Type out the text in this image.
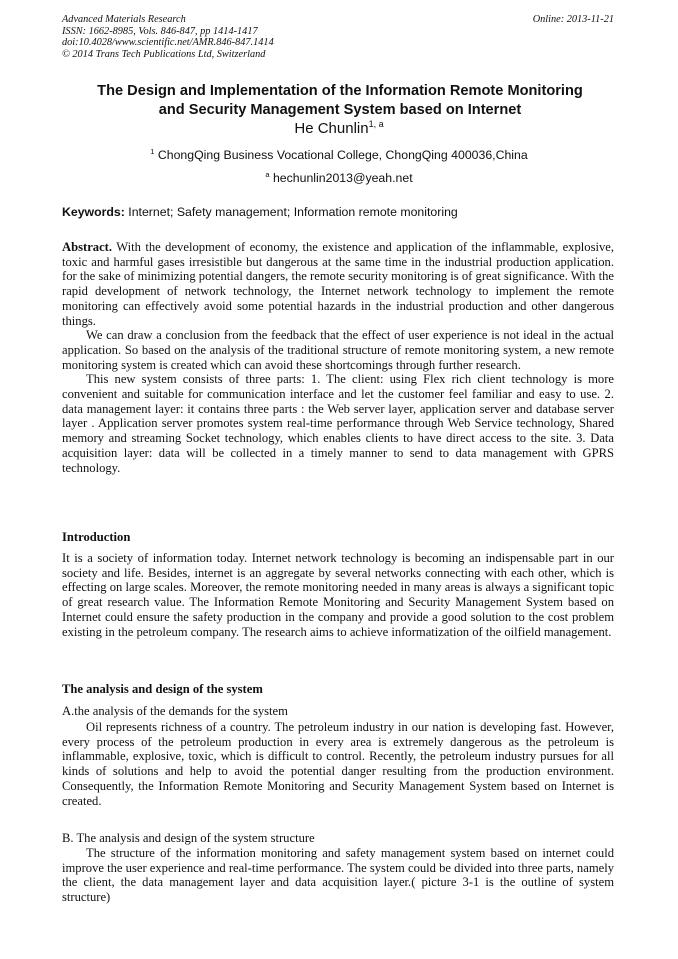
Advanced Materials Research
ISSN: 1662-8985, Vols. 846-847, pp 1414-1417
doi:10.4028/www.scientific.net/AMR.846-847.1414
© 2014 Trans Tech Publications Ltd, Switzerland
Online: 2013-11-21
The Design and Implementation of the Information Remote Monitoring
and Security Management System based on Internet
He Chunlin$^{1, a}$
$^1$ ChongQing Business Vocational College, ChongQing 400036,China
$^a$ hechunlin2013@yeah.net
Keywords: Internet; Safety management; Information remote monitoring

Abstract. With the development of economy, the existence and application of the inflammable, explosive, toxic and harmful gases irresistible but dangerous at the same time in the industrial production application. for the sake of minimizing potential dangers, the remote security monitoring is of great significance. With the rapid development of network technology, the Internet network technology to implement the remote monitoring can effectively avoid some potential hazards in the industrial production and other dangerous things.

We can draw a conclusion from the feedback that the effect of user experience is not ideal in the actual application. So based on the analysis of the traditional structure of remote monitoring system, a new remote monitoring system is created which can avoid these shortcomings through further research.

This new system consists of three parts: 1. The client: using Flex rich client technology is more convenient and suitable for communication interface and let the customer feel familiar and easy to use. 2. data management layer: it contains three parts : the Web server layer, application server and database server layer . Application server promotes system real-time performance through Web Service technology, Shared memory and streaming Socket technology, which enables clients to have direct access to the site. 3. Data acquisition layer: data will be collected in a timely manner to send to data management with GPRS technology.

Introduction
It is a society of information today. Internet network technology is becoming an indispensable part in our society and life. Besides, internet is an aggregate by several networks connecting with each other, which is effecting on large scales. Moreover, the remote monitoring needed in many areas is always a significant topic of great research value. The Information Remote Monitoring and Security Management System based on Internet could ensure the safety production in the company and provide a good solution to the cost problem existing in the petroleum company. The research aims to achieve informatization of the oilfield management.
The analysis and design of the system
A.the analysis of the demands for the system
Oil represents richness of a country. The petroleum industry in our nation is developing fast. However, every process of the petroleum production in every area is extremely dangerous as the petroleum is inflammable, explosive, toxic, which is difficult to control. Recently, the petroleum industry pursues for all kinds of solutions and help to avoid the potential danger resulting from the production environment. Consequently, the Information Remote Monitoring and Security Management System based on Internet is created.
B. The analysis and design of the system structure
The structure of the information monitoring and safety management system based on internet could improve the user experience and real-time performance. The system could be divided into three parts, namely the client, the data management layer and data acquisition layer.( picture 3-1 is the outline of system structure)
